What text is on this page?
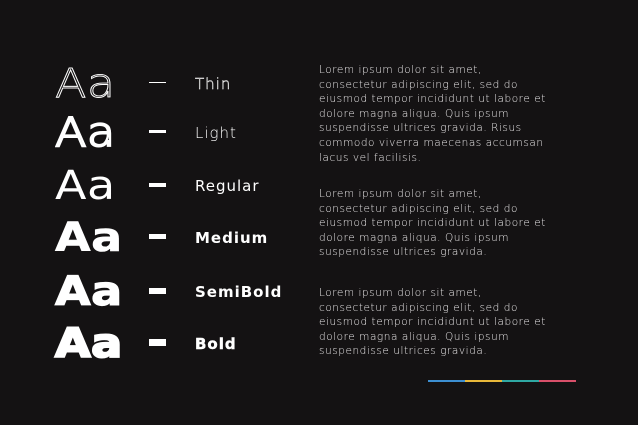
Aa	Thin
Aa	Light
Aa	Regular
Aa	Medium
Aa	SemiBold
Aa	Bold

Lorem ipsum dolor sit amet,
consectetur adipiscing elit, sed do
eiusmod tempor incididunt ut labore et
dolore magna aliqua. Quis ipsum
suspendisse ultrices gravida. Risus
commodo viverra maecenas accumsan
lacus vel facilisis.

Lorem ipsum dolor sit amet,
consectetur adipiscing elit, sed do
eiusmod tempor incididunt ut labore et
dolore magna aliqua. Quis ipsum
suspendisse ultrices gravida.

Lorem ipsum dolor sit amet,
consectetur adipiscing elit, sed do
eiusmod tempor incididunt ut labore et
dolore magna aliqua. Quis ipsum
suspendisse ultrices gravida.
